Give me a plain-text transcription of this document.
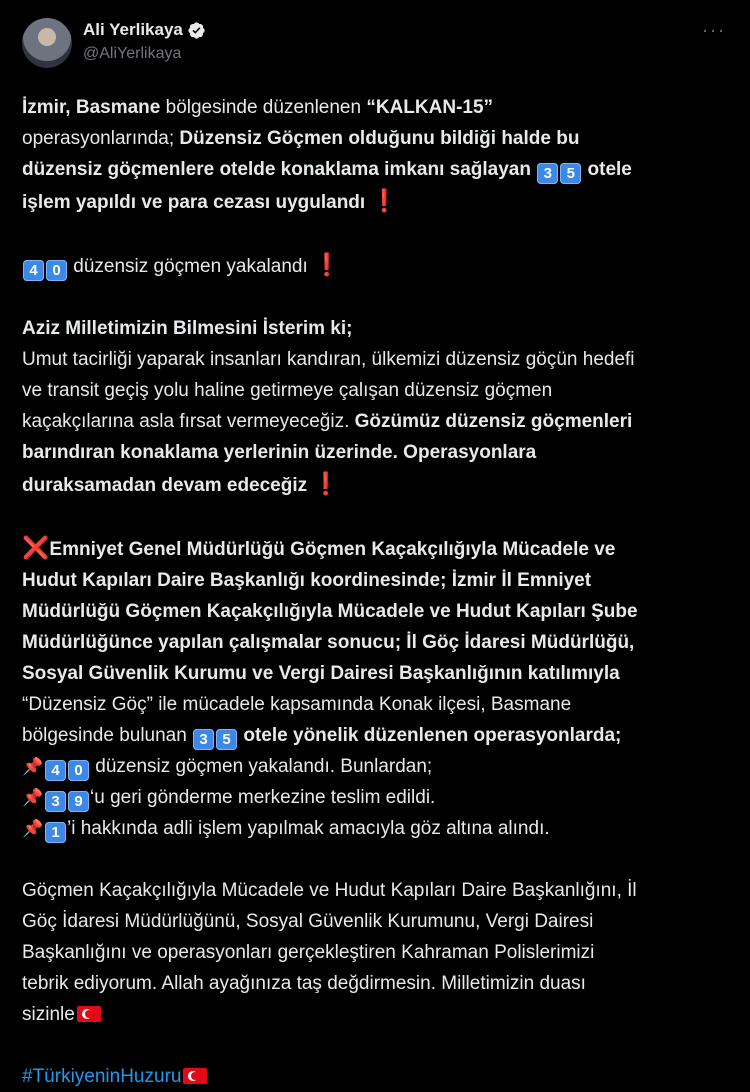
Ali Yerlikaya
@AliYerlikaya
···

İzmir, Basmane bölgesinde düzenlenen “KALKAN-15”

operasyonlarında; Düzensiz Göçmen olduğunu bildiği halde bu

düzensiz göçmenlere otelde konaklama imkanı sağlayan 3 5 otele

işlem yapıldı ve para cezası uygulandı ❗

4 0 düzensiz göçmen yakalandı ❗

Aziz Milletimizin Bilmesini İsterim ki;

Umut tacirliği yaparak insanları kandıran, ülkemizi düzensiz göçün hedefi

ve transit geçiş yolu haline getirmeye çalışan düzensiz göçmen

kaçakçılarına asla fırsat vermeyeceğiz. Gözümüz düzensiz göçmenleri

barındıran konaklama yerlerinin üzerinde. Operasyonlara

duraksamadan devam edeceğiz ❗

❌Emniyet Genel Müdürlüğü Göçmen Kaçakçılığıyla Mücadele ve

Hudut Kapıları Daire Başkanlığı koordinesinde; İzmir İl Emniyet

Müdürlüğü Göçmen Kaçakçılığıyla Mücadele ve Hudut Kapıları Şube

Müdürlüğünce yapılan çalışmalar sonucu; İl Göç İdaresi Müdürlüğü,

Sosyal Güvenlik Kurumu ve Vergi Dairesi Başkanlığının katılımıyla

“Düzensiz Göç” ile mücadele kapsamında Konak ilçesi, Basmane

bölgesinde bulunan 3 5 otele yönelik düzenlenen operasyonlarda;

📌 4 0 düzensiz göçmen yakalandı. Bunlardan;

📌 3 9 ‘u geri gönderme merkezine teslim edildi.

📌 1 ’i hakkında adli işlem yapılmak amacıyla göz altına alındı.

Göçmen Kaçakçılığıyla Mücadele ve Hudut Kapıları Daire Başkanlığını, İl

Göç İdaresi Müdürlüğünü, Sosyal Güvenlik Kurumunu, Vergi Dairesi

Başkanlığını ve operasyonları gerçekleştiren Kahraman Polislerimizi

tebrik ediyorum. Allah ayağınıza taş değdirmesin. Milletimizin duası

sizinle

#TürkiyeninHuzuru
